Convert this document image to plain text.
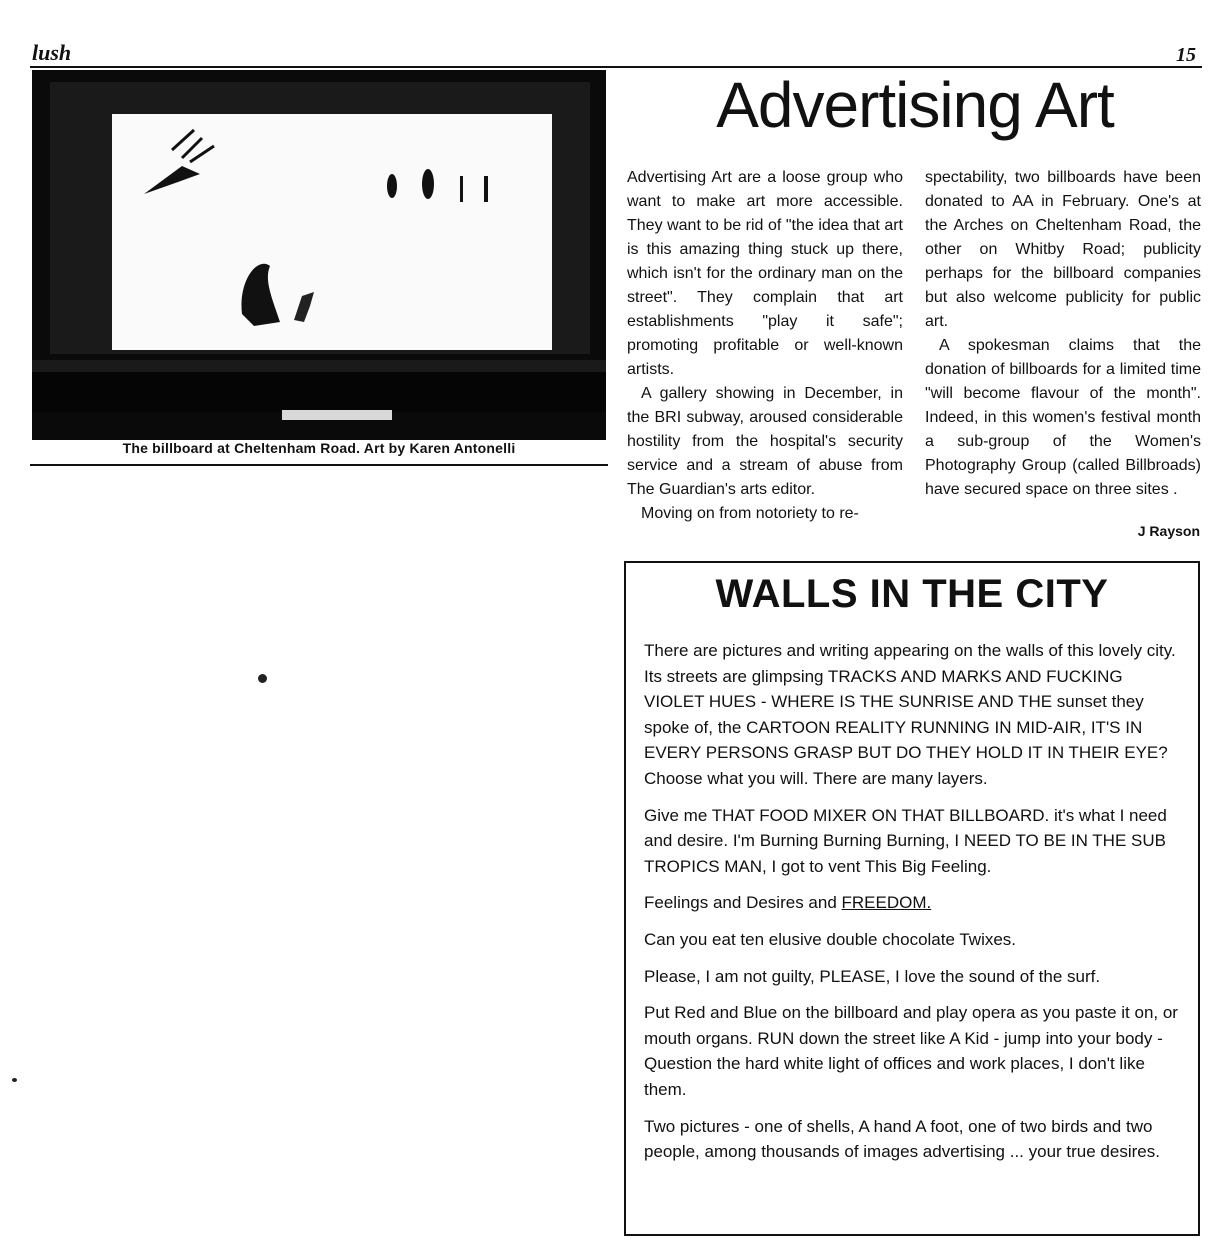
lush	15
The billboard at Cheltenham Road. Art by Karen Antonelli
Advertising Art

Advertising Art are a loose group who want to make art more accessible. They want to be rid of "the idea that art is this amazing thing stuck up there, which isn't for the ordinary man on the street". They complain that art establishments "play it safe"; promoting profitable or well-known artists.

A gallery showing in December, in the BRI subway, aroused considerable hostility from the hospital's security service and a stream of abuse from The Guardian's arts editor.

Moving on from notoriety to re-

spectability, two billboards have been donated to AA in February. One's at the Arches on Cheltenham Road, the other on Whitby Road; publicity perhaps for the billboard companies but also welcome publicity for public art.

A spokesman claims that the donation of billboards for a limited time "will become flavour of the month". Indeed, in this women's festival month a sub-group of the Women's Photography Group (called Billbroads) have secured space on three sites .

J Rayson
WALLS IN THE CITY

There are pictures and writing appearing on the walls of this lovely city. Its streets are glimpsing TRACKS AND MARKS AND FUCKING VIOLET HUES - WHERE IS THE SUNRISE AND THE sunset they spoke of, the CARTOON REALITY RUNNING IN MID-AIR, IT'S IN EVERY PERSONS GRASP BUT DO THEY HOLD IT IN THEIR EYE? Choose what you will. There are many layers.

Give me THAT FOOD MIXER ON THAT BILLBOARD. it's what I need and desire. I'm Burning Burning Burning, I NEED TO BE IN THE SUB TROPICS MAN, I got to vent This Big Feeling.

Feelings and Desires and FREEDOM.

Can you eat ten elusive double chocolate Twixes.

Please, I am not guilty, PLEASE, I love the sound of the surf.

Put Red and Blue on the billboard and play opera as you paste it on, or mouth organs. RUN down the street like A Kid - jump into your body - Question the hard white light of offices and work places, I don't like them.

Two pictures - one of shells, A hand A foot, one of two birds and two people, among thousands of images advertising ... your true desires.
